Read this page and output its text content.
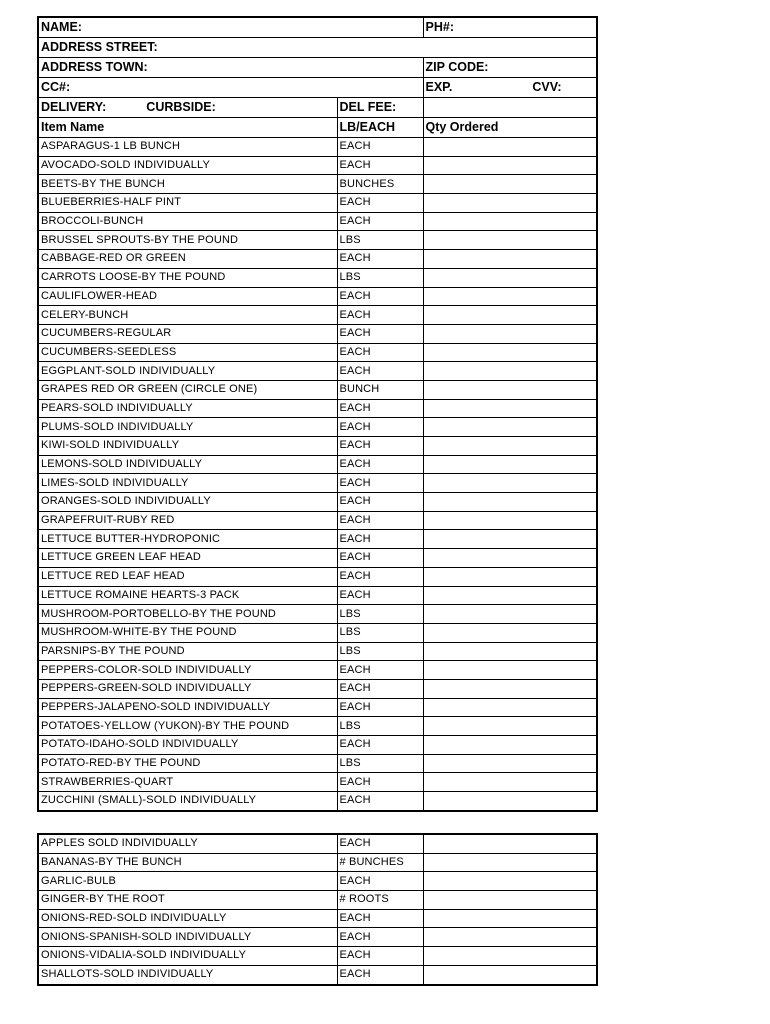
NAME:		PH#:
ADDRESS STREET:		
ADDRESS TOWN:		ZIP CODE:
CC#:		EXP. CVV:
DELIVERY: CURBSIDE:	DEL FEE:	
Item Name	LB/EACH	Qty Ordered
ASPARAGUS-1 LB BUNCH	EACH	
AVOCADO-SOLD INDIVIDUALLY	EACH	
BEETS-BY THE BUNCH	BUNCHES	
BLUEBERRIES-HALF PINT	EACH	
BROCCOLI-BUNCH	EACH	
BRUSSEL SPROUTS-BY THE POUND	LBS	
CABBAGE-RED OR GREEN	EACH	
CARROTS LOOSE-BY THE POUND	LBS	
CAULIFLOWER-HEAD	EACH	
CELERY-BUNCH	EACH	
CUCUMBERS-REGULAR	EACH	
CUCUMBERS-SEEDLESS	EACH	
EGGPLANT-SOLD INDIVIDUALLY	EACH	
GRAPES RED OR GREEN (CIRCLE ONE)	BUNCH	
PEARS-SOLD INDIVIDUALLY	EACH	
PLUMS-SOLD INDIVIDUALLY	EACH	
KIWI-SOLD INDIVIDUALLY	EACH	
LEMONS-SOLD INDIVIDUALLY	EACH	
LIMES-SOLD INDIVIDUALLY	EACH	
ORANGES-SOLD INDIVIDUALLY	EACH	
GRAPEFRUIT-RUBY RED	EACH	
LETTUCE BUTTER-HYDROPONIC	EACH	
LETTUCE GREEN LEAF HEAD	EACH	
LETTUCE RED LEAF HEAD	EACH	
LETTUCE ROMAINE HEARTS-3 PACK	EACH	
MUSHROOM-PORTOBELLO-BY THE POUND	LBS	
MUSHROOM-WHITE-BY THE POUND	LBS	
PARSNIPS-BY THE POUND	LBS	
PEPPERS-COLOR-SOLD INDIVIDUALLY	EACH	
PEPPERS-GREEN-SOLD INDIVIDUALLY	EACH	
PEPPERS-JALAPENO-SOLD INDIVIDUALLY	EACH	
POTATOES-YELLOW (YUKON)-BY THE POUND	LBS	
POTATO-IDAHO-SOLD INDIVIDUALLY	EACH	
POTATO-RED-BY THE POUND	LBS	
STRAWBERRIES-QUART	EACH	
ZUCCHINI (SMALL)-SOLD INDIVIDUALLY	EACH	
APPLES SOLD INDIVIDUALLY	EACH	
BANANAS-BY THE BUNCH	# BUNCHES	
GARLIC-BULB	EACH	
GINGER-BY THE ROOT	# ROOTS	
ONIONS-RED-SOLD INDIVIDUALLY	EACH	
ONIONS-SPANISH-SOLD INDIVIDUALLY	EACH	
ONIONS-VIDALIA-SOLD INDIVIDUALLY	EACH	
SHALLOTS-SOLD INDIVIDUALLY	EACH	
